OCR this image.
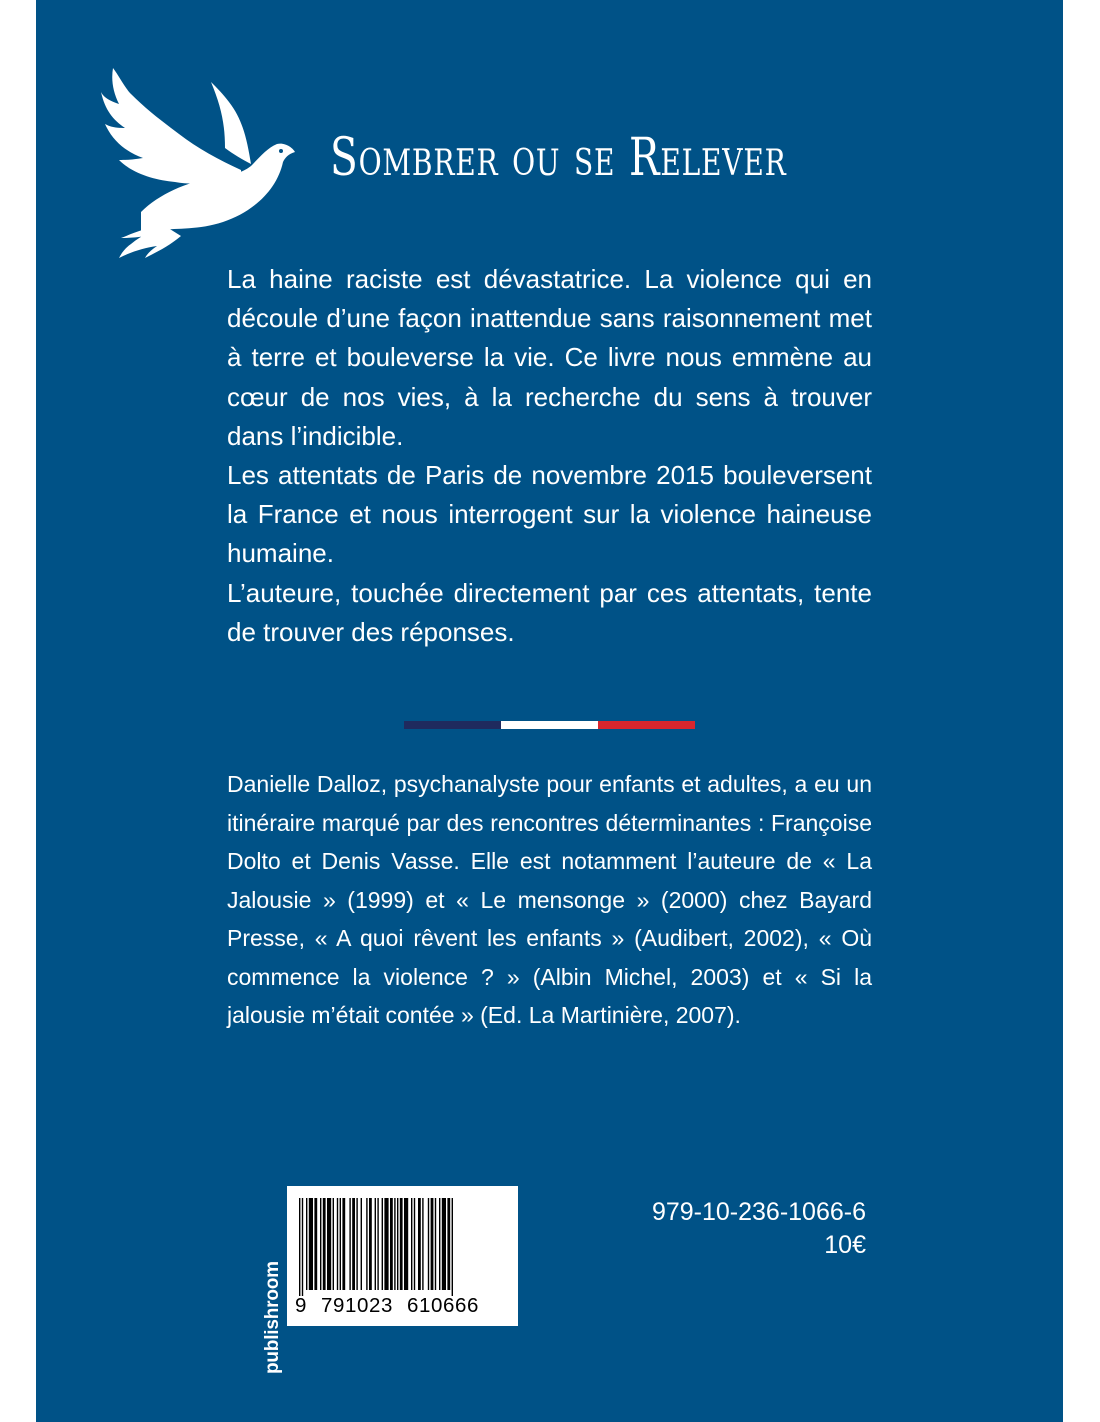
Sombrer ou se Relever

La haine raciste est dévastatrice. La violence qui en découle d’une façon inattendue sans raisonnement met à terre et bouleverse la vie. Ce livre nous emmène au cœur de nos vies, à la recherche du sens à trouver dans l’indicible.

Les attentats de Paris de novembre 2015 bouleversent la France et nous interrogent sur la violence haineuse humaine.

L’auteure, touchée directement par ces attentats, tente de trouver des réponses.

Danielle Dalloz, psychanalyste pour enfants et adultes, a eu un itinéraire marqué par des rencontres déterminantes : Françoise Dolto et Denis Vasse. Elle est notamment l’auteure de « La Jalousie » (1999) et « Le mensonge » (2000) chez Bayard Presse, « A quoi rêvent les enfants » (Audibert, 2002), « Où commence la violence ? » (Albin Michel, 2003) et « Si la jalousie m’était contée » (Ed. La Martinière, 2007).

publishroom 9 791023 610666
979-10-236-1066-6
10€
